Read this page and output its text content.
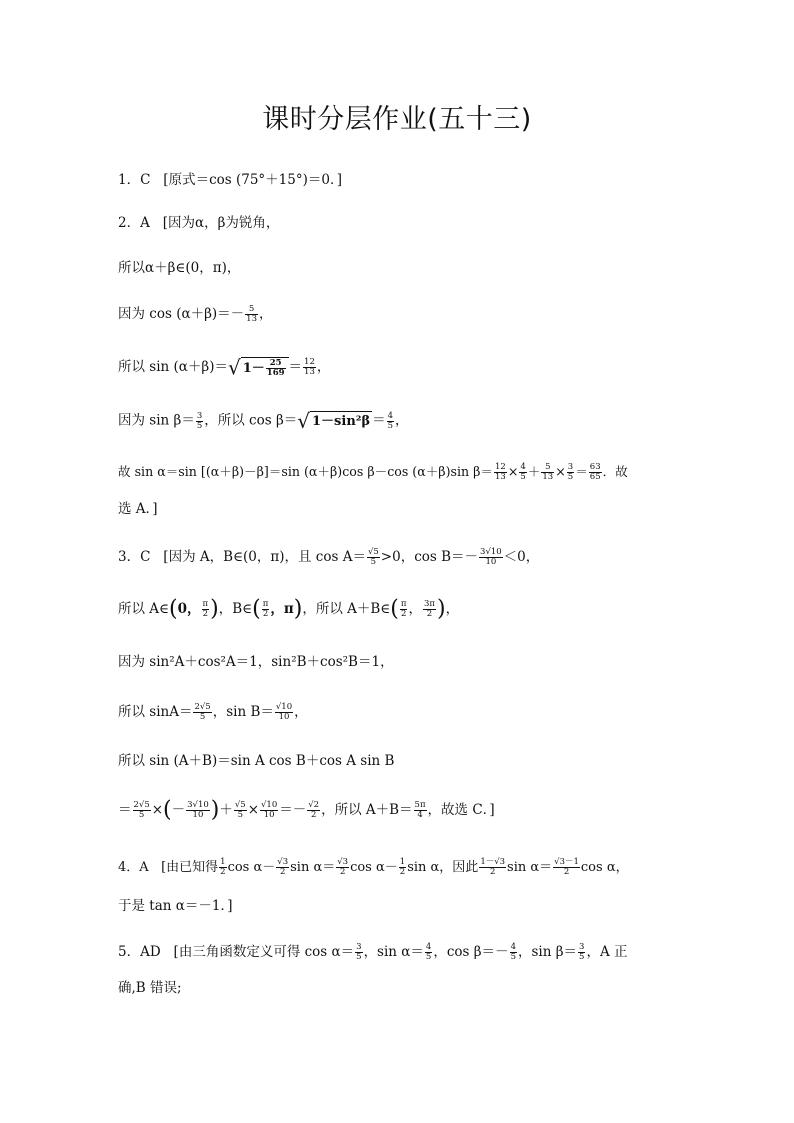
课时分层作业(五十三)
1．C [原式＝cos (75°＋15°)＝0．]
2．A [因为α，β为锐角，
所以α＋β∈(0，π)，
因为 $\cos (\alpha+\beta)=- \frac{5}{13}$ ，
所以 sin (α＋β)＝√ $1- \frac{25}{169} = \frac{12}{13}$ ，
因为 $\sin \beta= \frac{3}{5}$ ，所以 cos β＝√ $1-\sin^2\beta = \frac{4}{5}$ ，
故 sin α＝sin [(α＋β)－β]＝sin (α＋β)cos β－cos (α＋β)sin $\beta= \frac{12}{13} \times \frac{4}{5} + \frac{5}{13} \times \frac{3}{5} = \frac{63}{65}$ ．故
选 A．]
3．C [因为 A，B∈(0，π)，且 $\cos A= \frac{√5}{5} >0$，$\cos B=- \frac{3√10}{10} <0$，
所以 A∈(0， $\frac{\pi}{2}$ )，B∈( $\frac{\pi}{2}$ ，π)，所以 A＋B∈( $\frac{\pi}{2}$ ， $\frac{3\pi}{2}$ )，
因为 sin²A＋cos²A＝1，sin²B＋cos²B＝1，
所以 $\sin A= \frac{2√5}{5}$ ，$\sin B= \frac{√10}{10}$ ，
所以 sin (A＋B)＝sin A cos B＋cos A sin B
＝ $\frac{2√5}{5}$ ×(－ $\frac{3√10}{10}$ )＋ $\frac{√5}{5} \times \frac{√10}{10} =- \frac{√2}{2}$ ，所以 $A+B= \frac{5\pi}{4}$ ，故选 C．]
4．A [由已知得 $\frac{1}{2}$ $\cos \alpha- \frac{√3}{2}$ $\sin \alpha= \frac{√3}{2}$ $\cos \alpha- \frac{1}{2}$ sin α，因此 $\frac{1-√3}{2}$ $\sin \alpha= \frac{√3-1}{2}$ cos α，
于是 tan α＝－1．]
5．AD [由三角函数定义可得 $\cos \alpha= \frac{3}{5}$ ，$\sin \alpha= \frac{4}{5}$ ，$\cos \beta=- \frac{4}{5}$ ，$\sin \beta= \frac{3}{5}$ ，A 正
确,B 错误;
